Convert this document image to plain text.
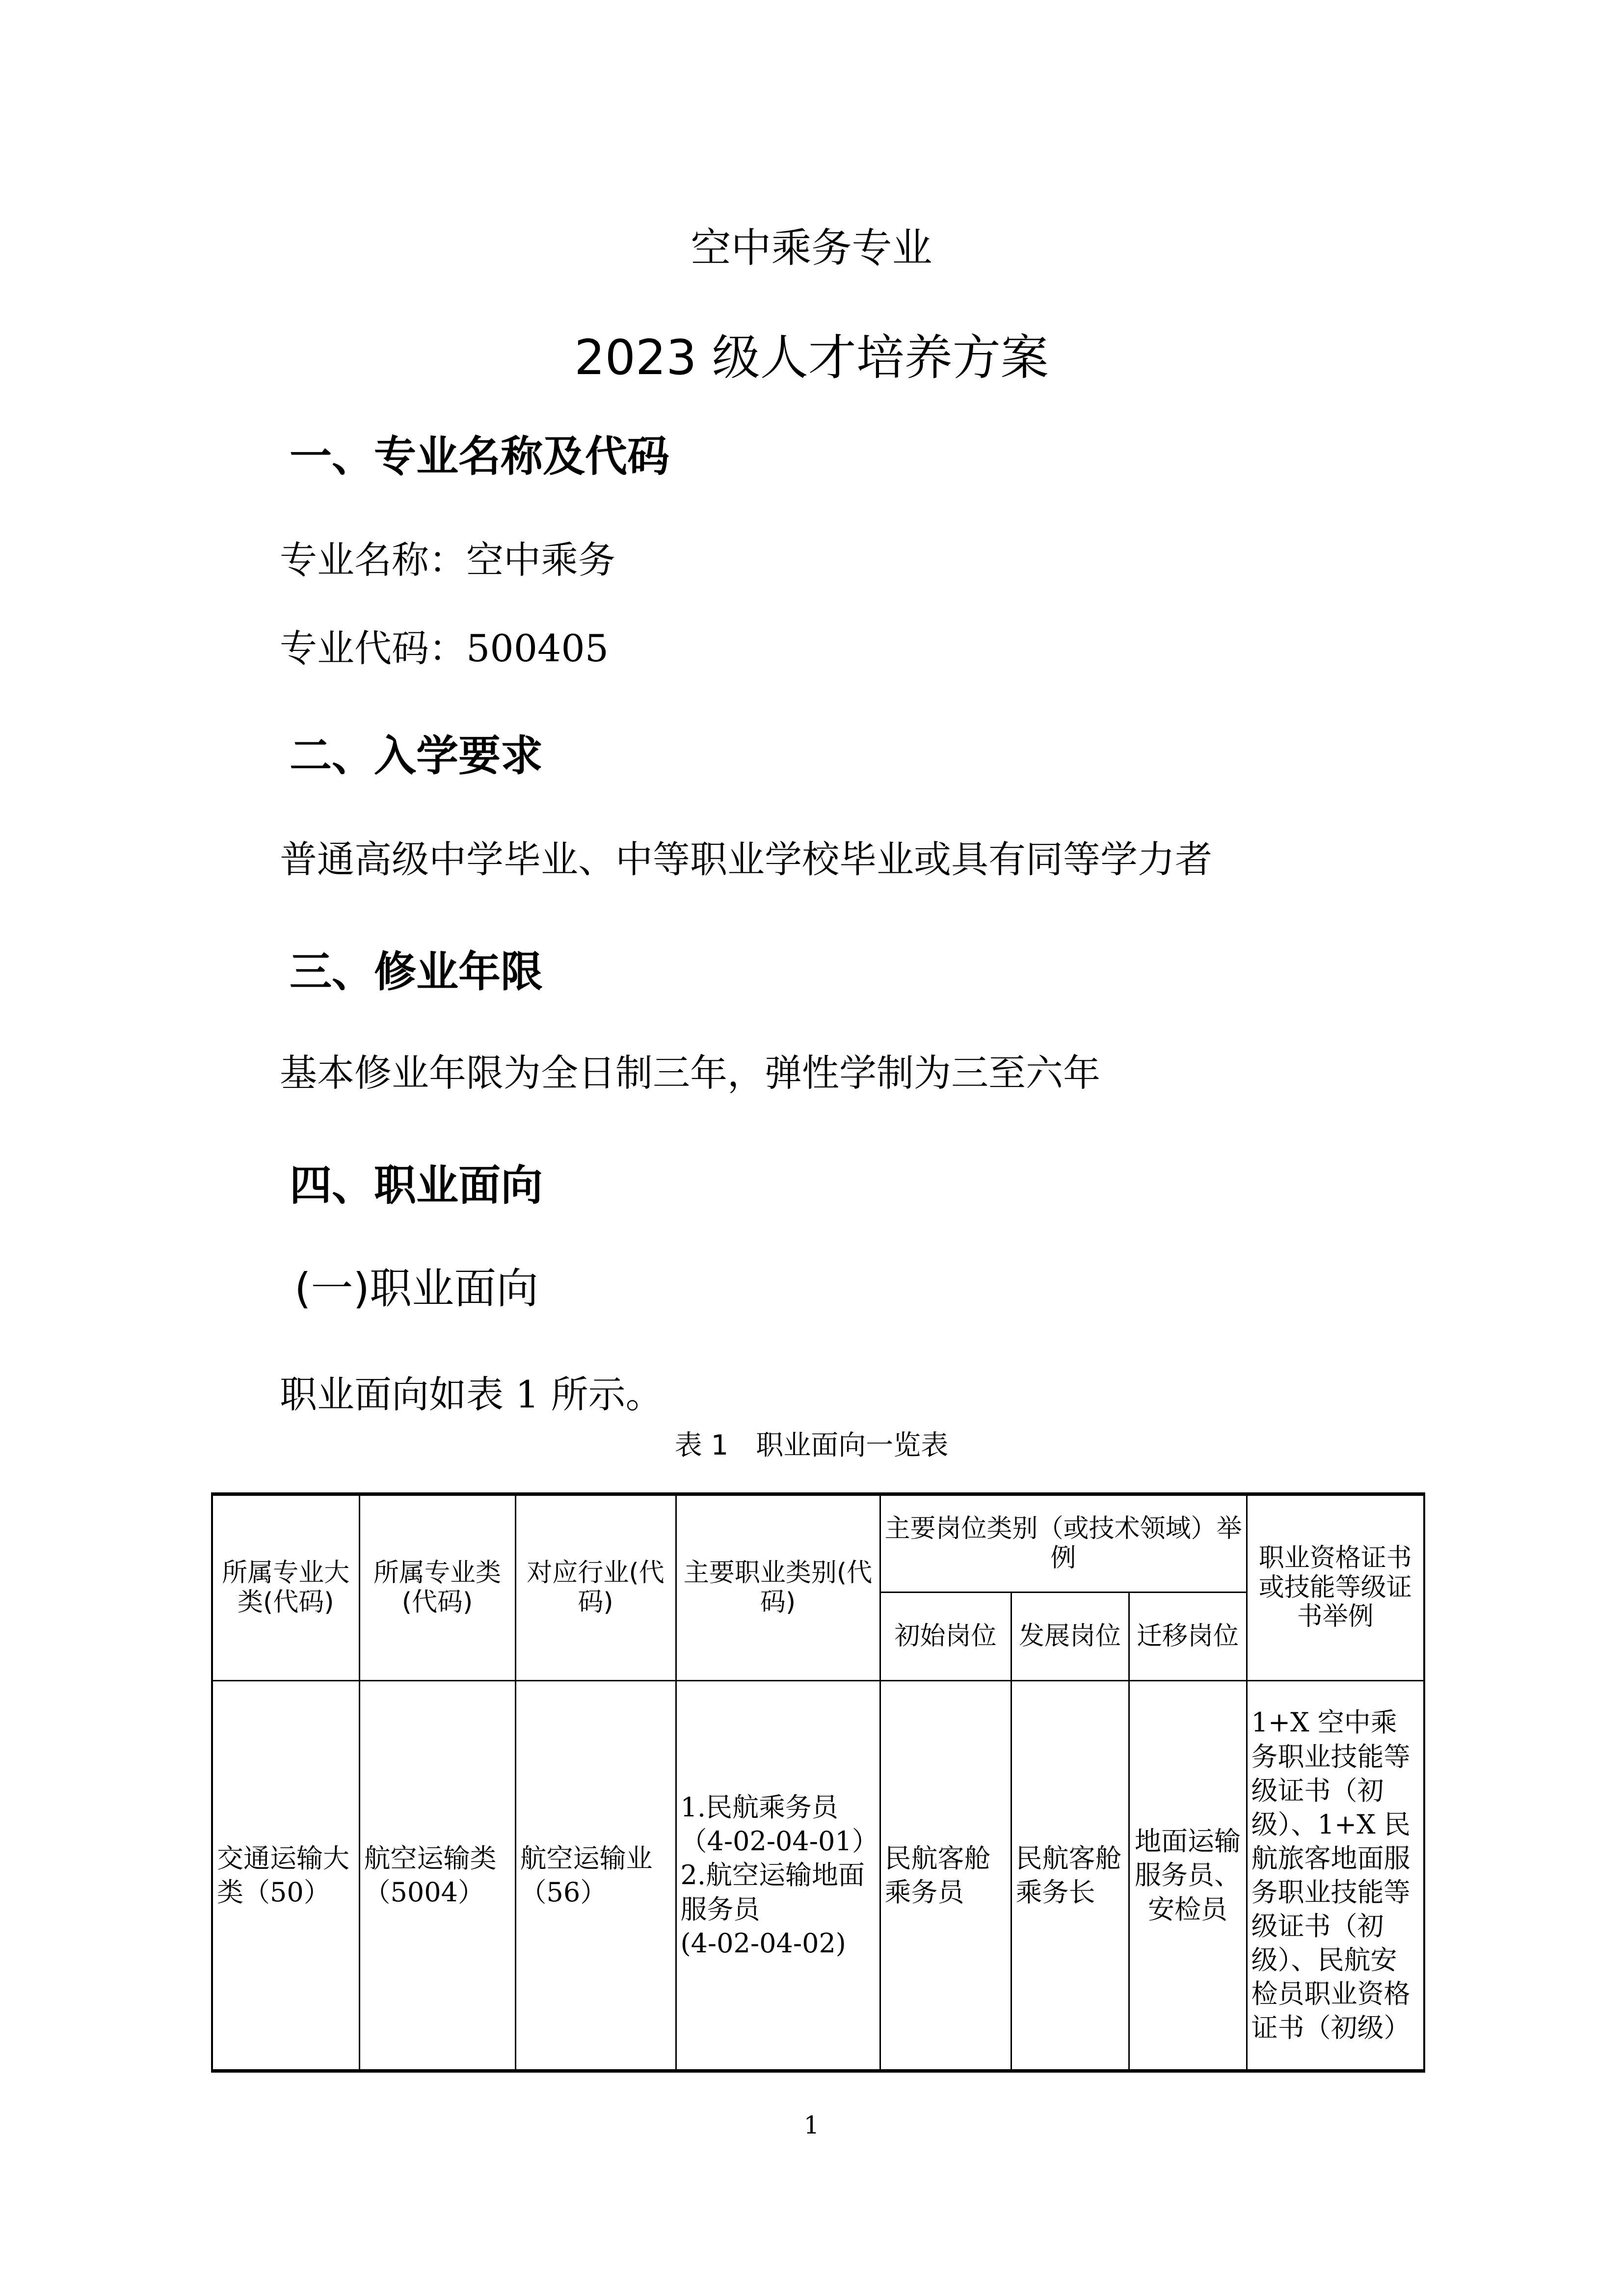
空中乘务专业
2023 级人才培养方案
一、专业名称及代码
专业名称：空中乘务
专业代码：500405
二、入学要求
普通高级中学毕业、中等职业学校毕业或具有同等学力者
三、修业年限
基本修业年限为全日制三年，弹性学制为三至六年
四、职业面向
(一)职业面向
职业面向如表 1 所示。
表 1　职业面向一览表
所属专业大类(代码)	所属专业类(代码)	对应行业(代码)	主要职业类别(代码)	主要岗位类别（或技术领域）举例			职业资格证书或技能等级证书举例
				初始岗位	发展岗位	迁移岗位	
交通运输大类（50）	航空运输类（5004）	航空运输业（56）	1.民航乘务员
（4-02-04-01）
2.航空运输地面服务员
(4-02-04-02)	民航客舱乘务员	民航客舱乘务长	地面运输服务员、安检员	1+X 空中乘务职业技能等级证书（初级）、1+X 民航旅客地面服务职业技能等级证书（初级）、民航安检员职业资格证书（初级）
1
